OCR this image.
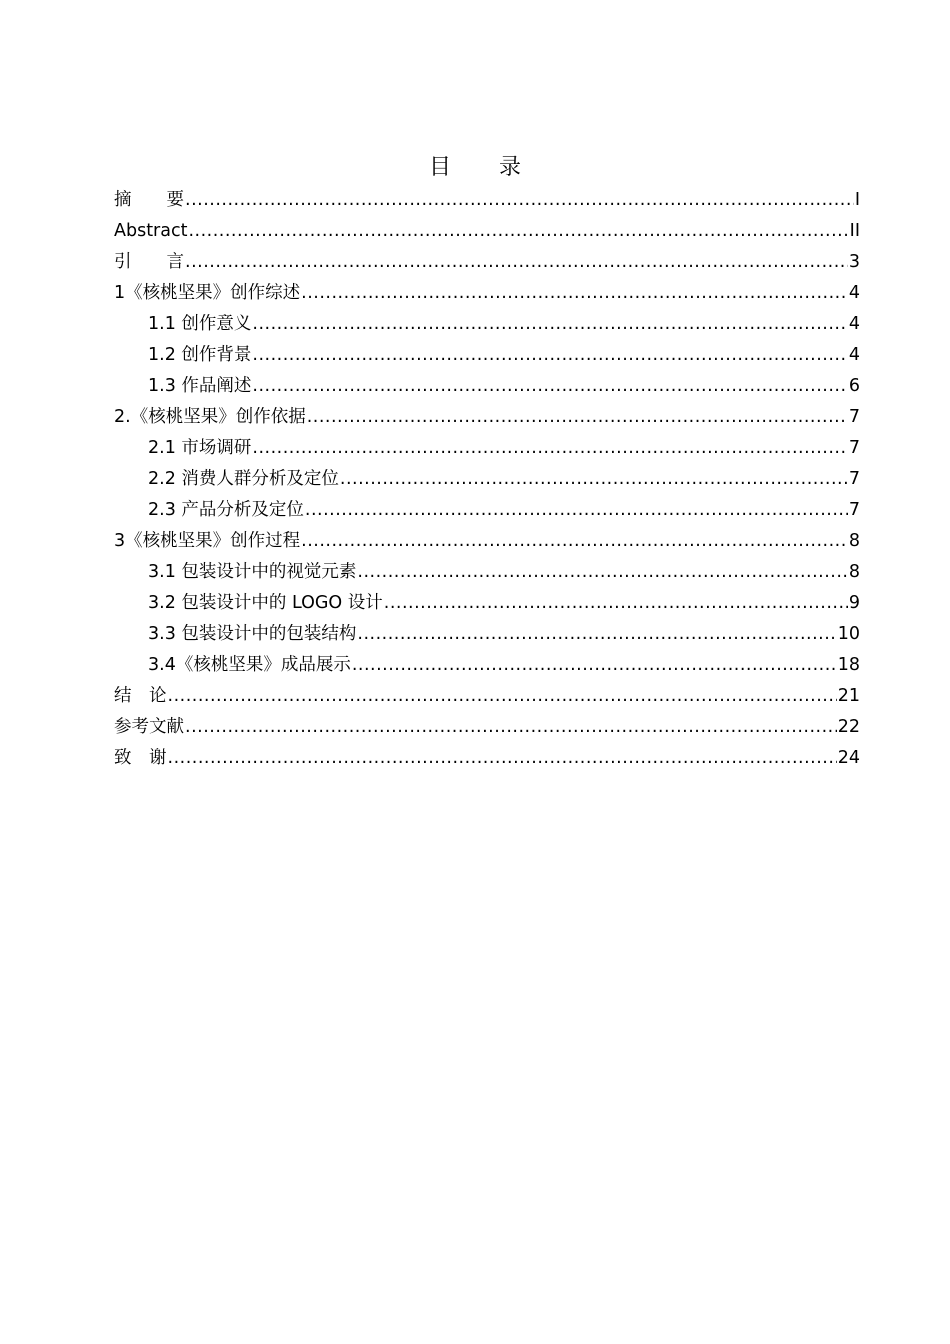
目 录
摘　　要 .....	I
Abstract .....	II
引　　言 .....	3
1《核桃坚果》创作综述 .....	4
1.1 创作意义 .....	4
1.2 创作背景 .....	4
1.3 作品阐述 .....	6
2.《核桃坚果》创作依据 .....	7
2.1 市场调研 .....	7
2.2 消费人群分析及定位 .....	7
2.3 产品分析及定位 .....	7
3《核桃坚果》创作过程 .....	8
3.1 包装设计中的视觉元素 .....	8
3.2 包装设计中的 LOGO 设计 .....	9
3.3 包装设计中的包装结构 .....	10
3.4《核桃坚果》成品展示 .....	18
结　论 .....	21
参考文献 .....	22
致　谢 .....	24
